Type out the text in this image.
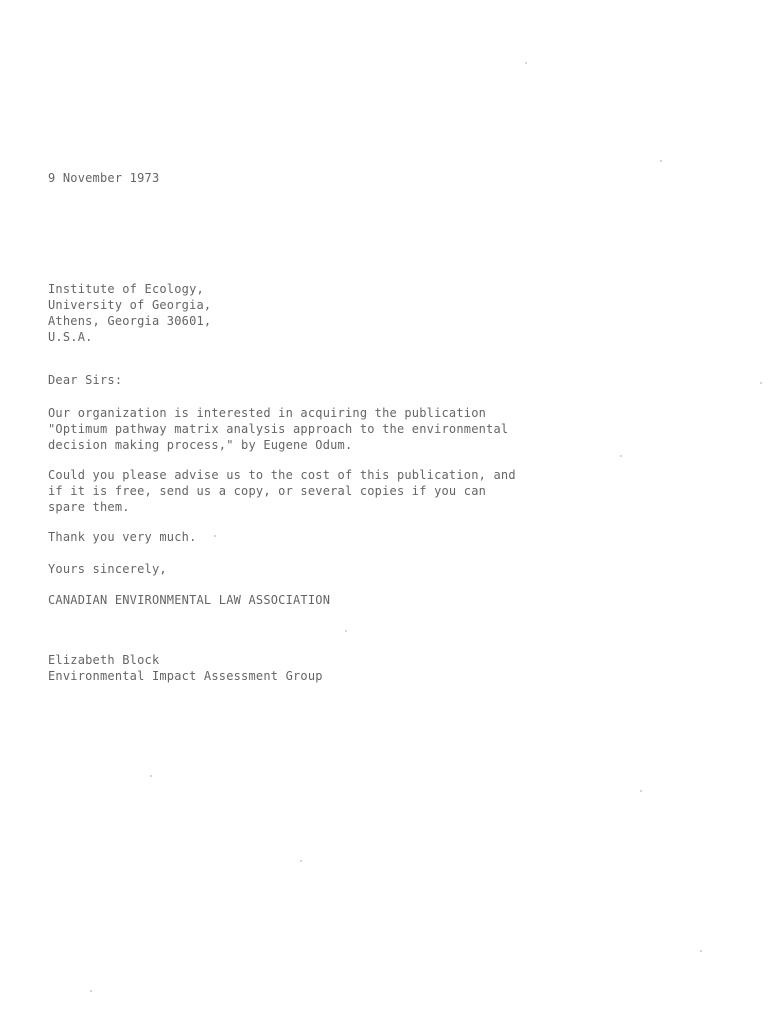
9 November 1973
Institute of Ecology,
University of Georgia,
Athens, Georgia 30601,
U.S.A.
Dear Sirs:
Our organization is interested in acquiring the publication
"Optimum pathway matrix analysis approach to the environmental
decision making process," by Eugene Odum.
Could you please advise us to the cost of this publication, and
if it is free, send us a copy, or several copies if you can
spare them.
Thank you very much.
Yours sincerely,
CANADIAN ENVIRONMENTAL LAW ASSOCIATION
Elizabeth Block
Environmental Impact Assessment Group
